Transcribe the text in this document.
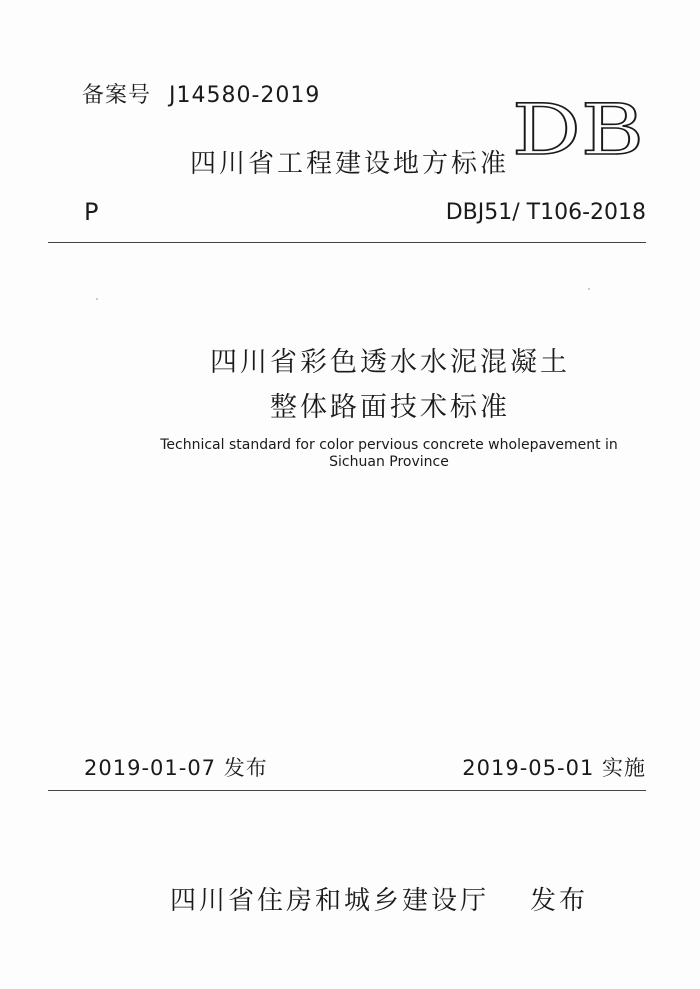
备案号 J14580-2019
四川省工程建设地方标准 DB
P	DBJ51/ T106-2018
四川省彩色透水水泥混凝土
整体路面技术标准
Technical standard for color pervious concrete wholepavement in Sichuan Province
2019-01-07 发布	2019-05-01 实施
四川省住房和城乡建设厅 发布
